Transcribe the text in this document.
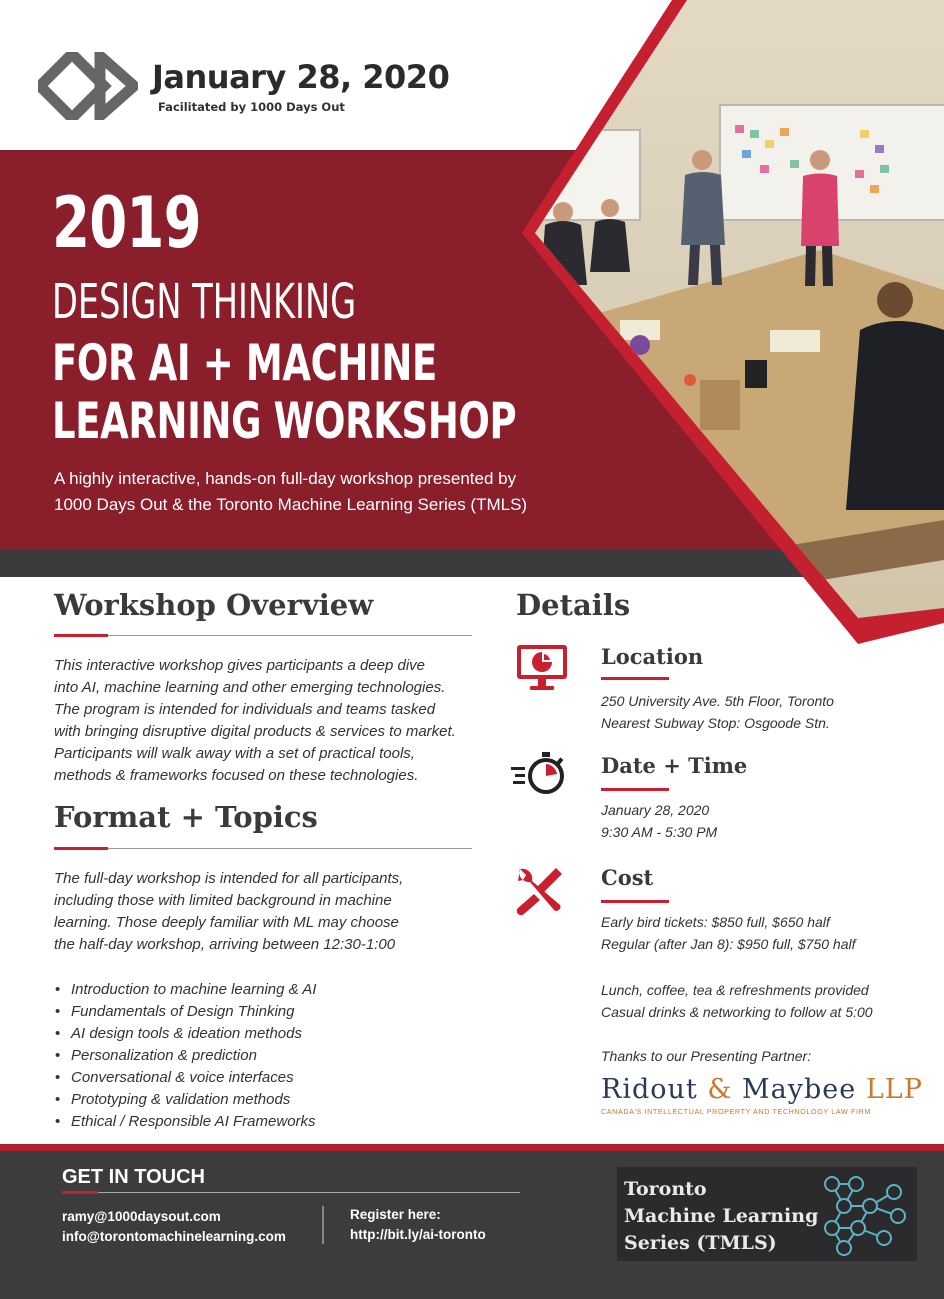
January 28, 2020
Facilitated by 1000 Days Out
2019
DESIGN THINKING
FOR AI + MACHINE
LEARNING WORKSHOP
A highly interactive, hands-on full-day workshop presented by
1000 Days Out & the Toronto Machine Learning Series (TMLS)
Workshop Overview

This interactive workshop gives participants a deep dive

into AI, machine learning and other emerging technologies.

The program is intended for individuals and teams tasked

with bringing disruptive digital products & services to market.

Participants will walk away with a set of practical tools,

methods & frameworks focused on these technologies.

Format + Topics

The full-day workshop is intended for all participants,

including those with limited background in machine

learning. Those deeply familiar with ML may choose

the half-day workshop, arriving between 12:30-1:00

• Introduction to machine learning & AI
• Fundamentals of Design Thinking
• AI design tools & ideation methods
• Personalization & prediction
• Conversational & voice interfaces
• Prototyping & validation methods
• Ethical / Responsible AI Frameworks
Details
Location
250 University Ave. 5th Floor, Toronto
Nearest Subway Stop: Osgoode Stn.
Date + Time
January 28, 2020
9:30 AM - 5:30 PM
Cost
Early bird tickets: $850 full, $650 half
Regular (after Jan 8): $950 full, $750 half
Lunch, coffee, tea & refreshments provided
Casual drinks & networking to follow at 5:00
Thanks to our Presenting Partner:
Ridout & Maybee LLP
CANADA'S INTELLECTUAL PROPERTY AND TECHNOLOGY LAW FIRM
GET IN TOUCH
ramy@1000daysout.com
info@torontomachinelearning.com
Register here:
http://bit.ly/ai-toronto
Toronto
Machine Learning
Series (TMLS)
